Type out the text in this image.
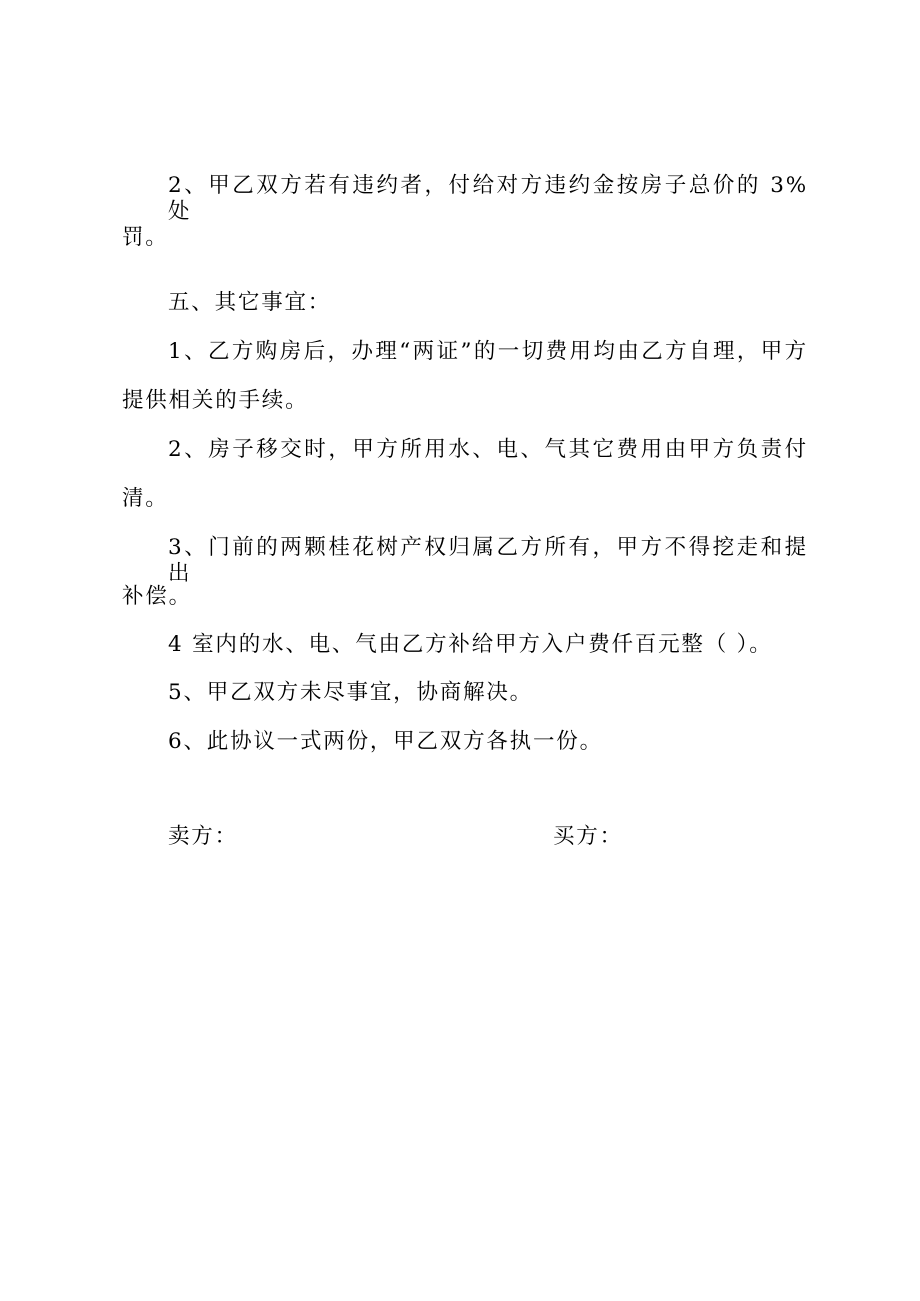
2、甲乙双方若有违约者，付给对方违约金按房子总价的 3%处
罚。
五、其它事宜：
1、乙方购房后，办理“两证”的一切费用均由乙方自理，甲方
提供相关的手续。
2、房子移交时，甲方所用水、电、气其它费用由甲方负责付
清。
3、门前的两颗桂花树产权归属乙方所有，甲方不得挖走和提出
补偿。
4 室内的水、电、气由乙方补给甲方入户费仟百元整（ ）。
5、甲乙双方未尽事宜，协商解决。
6、此协议一式两份，甲乙双方各执一份。
卖方：	买方：
